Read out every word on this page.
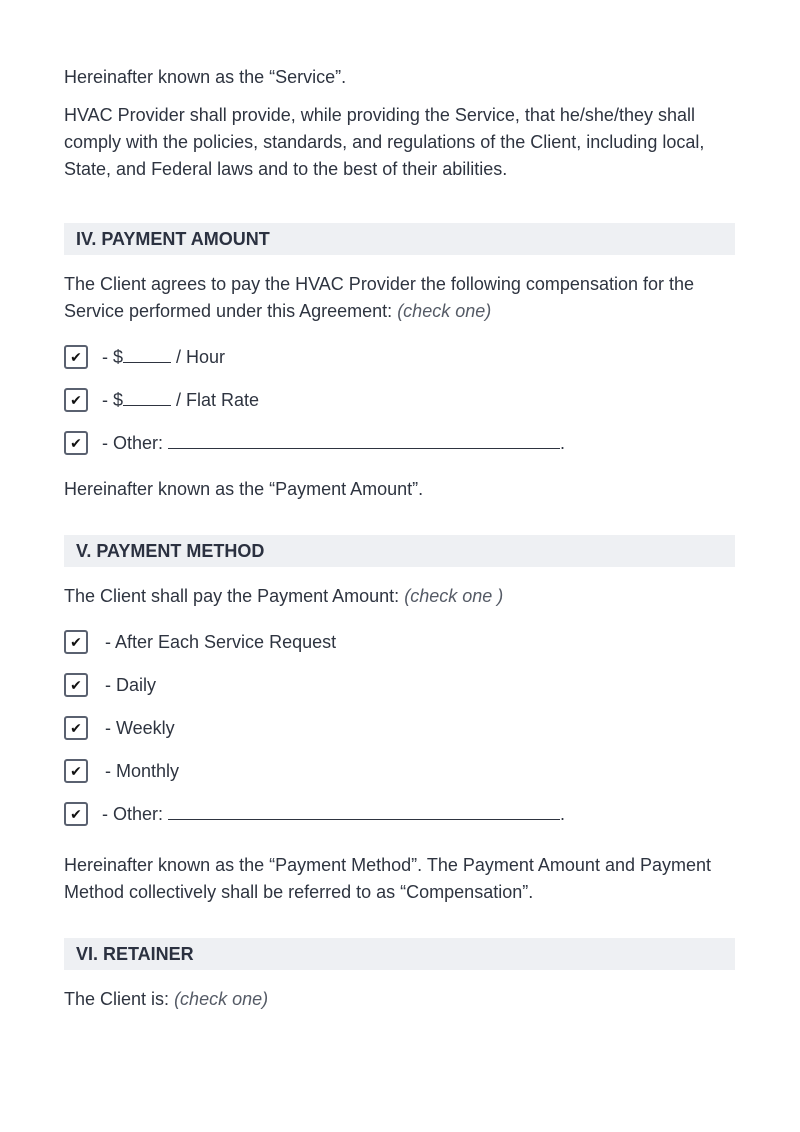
Hereinafter known as the “Service”.

HVAC Provider shall provide, while providing the Service, that he/she/they shall comply with the policies, standards, and regulations of the Client, including local, State, and Federal laws and to the best of their abilities.

IV. PAYMENT AMOUNT

The Client agrees to pay the HVAC Provider the following compensation for the Service performed under this Agreement: (check one)

✔	- $	/ Hour
✔	- $	/ Flat Rate
✔	- Other:	.

Hereinafter known as the “Payment Amount”.

V. PAYMENT METHOD

The Client shall pay the Payment Amount: (check one )

✔	- After Each Service Request
✔	- Daily
✔	- Weekly
✔	- Monthly
✔	- Other:	.

Hereinafter known as the “Payment Method”. The Payment Amount and Payment Method collectively shall be referred to as “Compensation”.

VI. RETAINER

The Client is: (check one)
